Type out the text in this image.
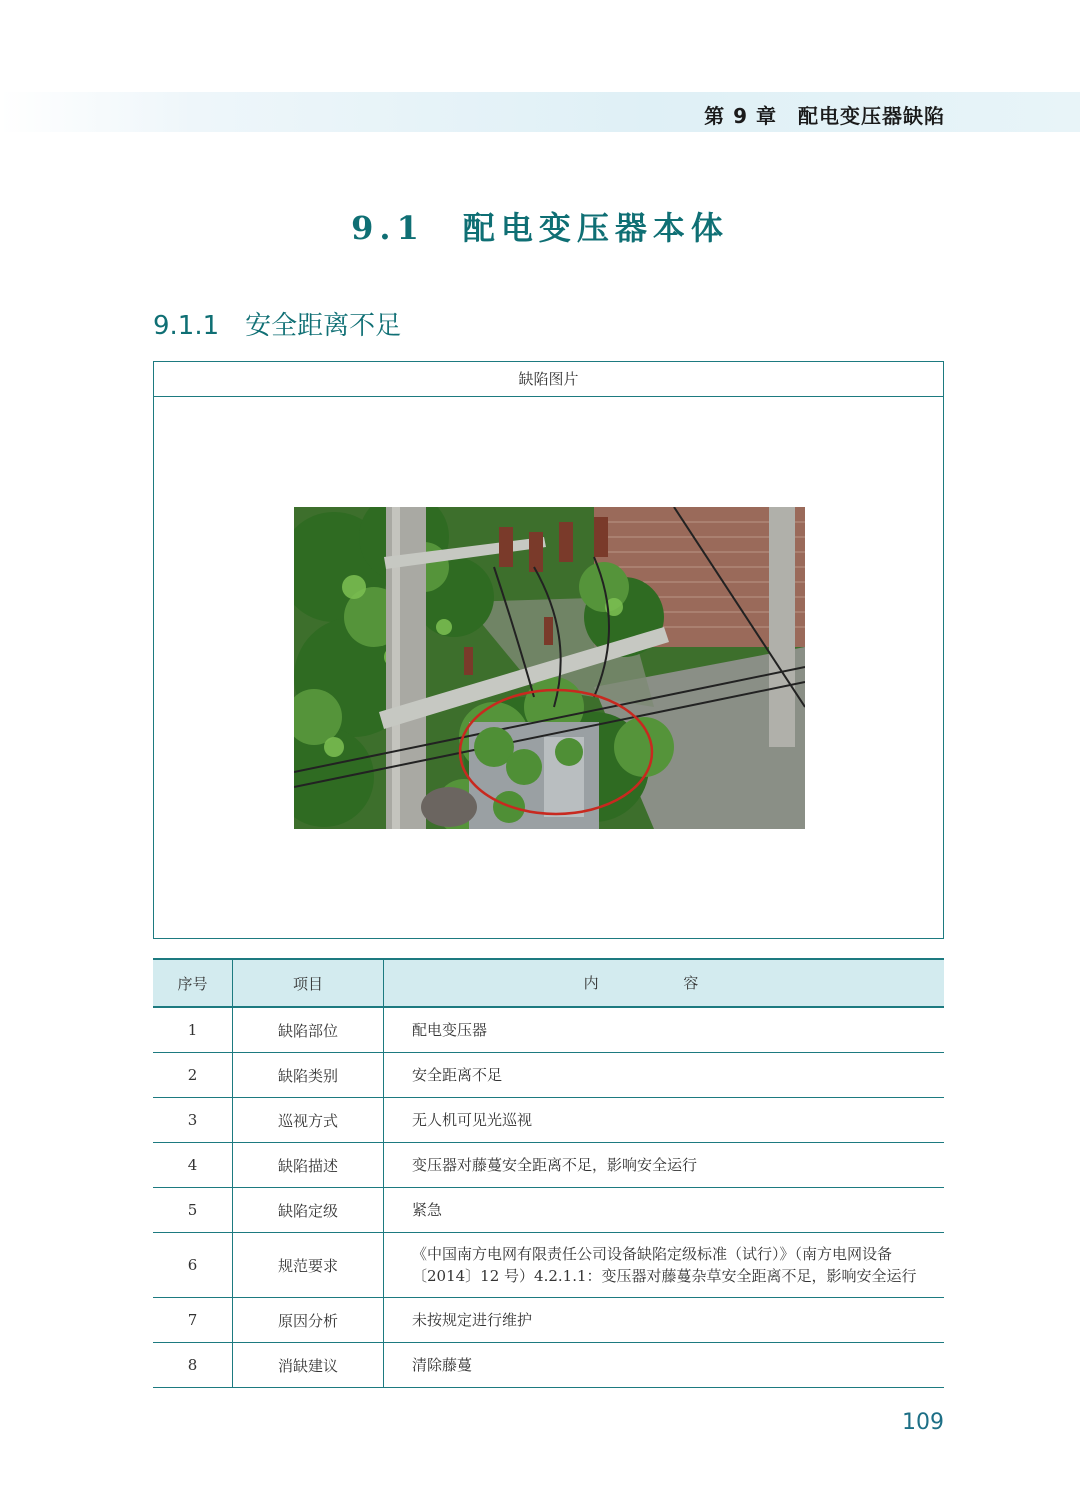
第 9 章　配电变压器缺陷
9.1　配电变压器本体
9.1.1　安全距离不足
缺陷图片
序号	项目	内 容
1	缺陷部位	配电变压器
2	缺陷类别	安全距离不足
3	巡视方式	无人机可见光巡视
4	缺陷描述	变压器对藤蔓安全距离不足，影响安全运行
5	缺陷定级	紧急
6	规范要求	《中国南方电网有限责任公司设备缺陷定级标准（试行）》（南方电网设备〔2014〕12 号）4.2.1.1：变压器对藤蔓杂草安全距离不足，影响安全运行
7	原因分析	未按规定进行维护
8	消缺建议	清除藤蔓
109
